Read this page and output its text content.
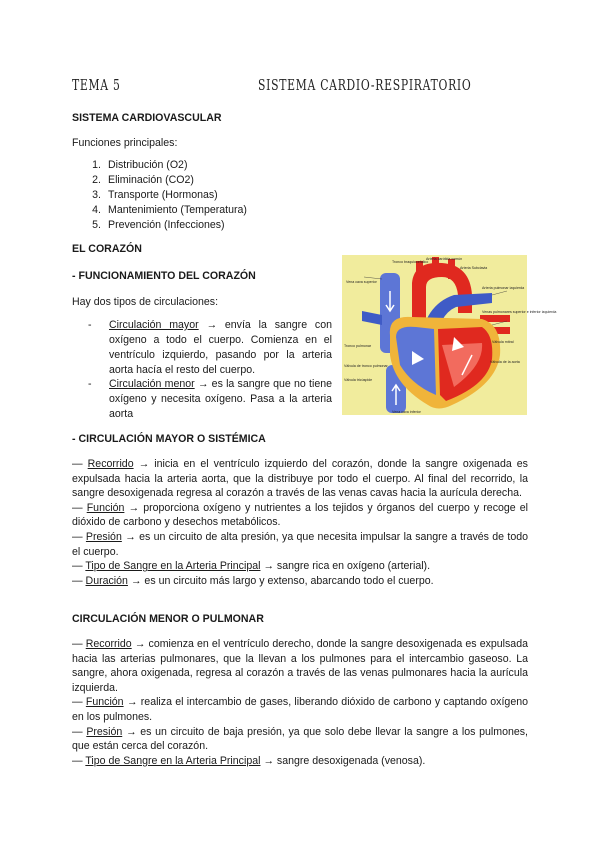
TEMA 5	SISTEMA CARDIO-RESPIRATORIO
SISTEMA CARDIOVASCULAR
Funciones principales:
1. Distribución (O2)
2. Eliminación (CO2)
3. Transporte (Hormonas)
4. Mantenimiento (Temperatura)
5. Prevención (Infecciones)
EL CORAZÓN
- FUNCIONAMIENTO DEL CORAZÓN
Hay dos tipos de circulaciones:
- Circulación mayor → envía la sangre con oxígeno a todo el cuerpo. Comienza en el ventrículo izquierdo, pasando por la arteria aorta hacía el resto del cuerpo.
- Circulación menor → es la sangre que no tiene oxígeno y necesita oxígeno. Pasa a la arteria aorta
Tronco braquiocefálico
Arteria carótida común
Arteria Subclavia
Vena cava superior
Arteria pulmonar izquierda
Venas pulmonares superior e inferior izquierda
Válvula mitral
Válvula de la aorta
Tronco pulmonar
Válvula tricúspide
Válvula de tronco pulmonar
Vena cava inferior
- CIRCULACIÓN MAYOR O SISTÉMICA
— Recorrido → inicia en el ventrículo izquierdo del corazón, donde la sangre oxigenada es expulsada hacia la arteria aorta, que la distribuye por todo el cuerpo. Al final del recorrido, la sangre desoxigenada regresa al corazón a través de las venas cavas hacia la aurícula derecha.
— Función → proporciona oxígeno y nutrientes a los tejidos y órganos del cuerpo y recoge el dióxido de carbono y desechos metabólicos.
— Presión → es un circuito de alta presión, ya que necesita impulsar la sangre a través de todo el cuerpo.
— Tipo de Sangre en la Arteria Principal → sangre rica en oxígeno (arterial).
— Duración → es un circuito más largo y extenso, abarcando todo el cuerpo.
CIRCULACIÓN MENOR O PULMONAR
— Recorrido → comienza en el ventrículo derecho, donde la sangre desoxigenada es expulsada hacia las arterias pulmonares, que la llevan a los pulmones para el intercambio gaseoso. La sangre, ahora oxigenada, regresa al corazón a través de las venas pulmonares hacia la aurícula izquierda.
— Función → realiza el intercambio de gases, liberando dióxido de carbono y captando oxígeno en los pulmones.
— Presión → es un circuito de baja presión, ya que solo debe llevar la sangre a los pulmones, que están cerca del corazón.
— Tipo de Sangre en la Arteria Principal → sangre desoxigenada (venosa).
